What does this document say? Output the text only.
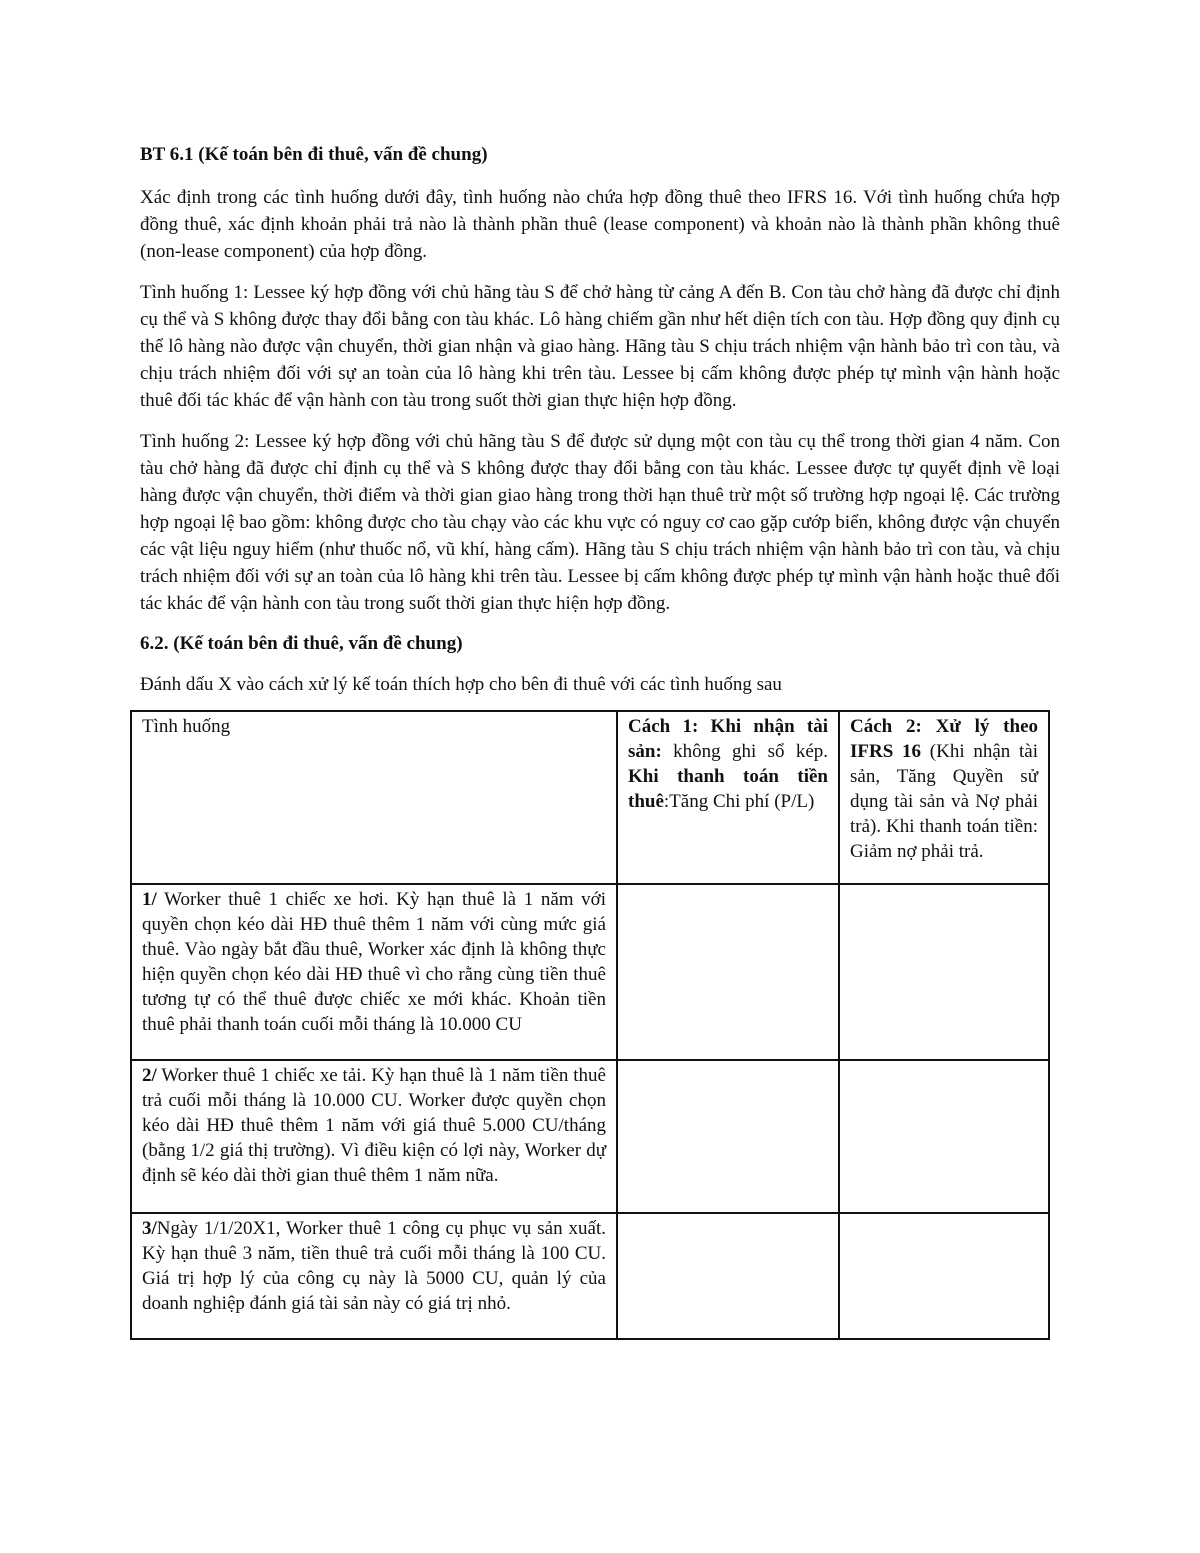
BT 6.1 (Kế toán bên đi thuê, vấn đề chung)

Xác định trong các tình huống dưới đây, tình huống nào chứa hợp đồng thuê theo IFRS 16. Với tình huống chứa hợp đồng thuê, xác định khoản phải trả nào là thành phần thuê (lease component) và khoản nào là thành phần không thuê (non-lease component) của hợp đồng.

Tình huống 1: Lessee ký hợp đồng với chủ hãng tàu S để chở hàng từ cảng A đến B. Con tàu chở hàng đã được chỉ định cụ thể và S không được thay đổi bằng con tàu khác. Lô hàng chiếm gần như hết diện tích con tàu. Hợp đồng quy định cụ thể lô hàng nào được vận chuyển, thời gian nhận và giao hàng. Hãng tàu S chịu trách nhiệm vận hành bảo trì con tàu, và chịu trách nhiệm đối với sự an toàn của lô hàng khi trên tàu. Lessee bị cấm không được phép tự mình vận hành hoặc thuê đối tác khác để vận hành con tàu trong suốt thời gian thực hiện hợp đồng.

Tình huống 2: Lessee ký hợp đồng với chủ hãng tàu S để được sử dụng một con tàu cụ thể trong thời gian 4 năm. Con tàu chở hàng đã được chỉ định cụ thể và S không được thay đổi bằng con tàu khác. Lessee được tự quyết định về loại hàng được vận chuyển, thời điểm và thời gian giao hàng trong thời hạn thuê trừ một số trường hợp ngoại lệ. Các trường hợp ngoại lệ bao gồm: không được cho tàu chạy vào các khu vực có nguy cơ cao gặp cướp biển, không được vận chuyển các vật liệu nguy hiểm (như thuốc nổ, vũ khí, hàng cấm). Hãng tàu S chịu trách nhiệm vận hành bảo trì con tàu, và chịu trách nhiệm đối với sự an toàn của lô hàng khi trên tàu. Lessee bị cấm không được phép tự mình vận hành hoặc thuê đối tác khác để vận hành con tàu trong suốt thời gian thực hiện hợp đồng.

6.2. (Kế toán bên đi thuê, vấn đề chung)

Đánh dấu X vào cách xử lý kế toán thích hợp cho bên đi thuê với các tình huống sau

Tình huống	Cách 1: Khi nhận tài sản: không ghi sổ kép. Khi thanh toán tiền thuê:Tăng Chi phí (P/L)	Cách 2: Xử lý theo IFRS 16 (Khi nhận tài sản, Tăng Quyền sử dụng tài sản và Nợ phải trả). Khi thanh toán tiền: Giảm nợ phải trả.
1/ Worker thuê 1 chiếc xe hơi. Kỳ hạn thuê là 1 năm với quyền chọn kéo dài HĐ thuê thêm 1 năm với cùng mức giá thuê. Vào ngày bắt đầu thuê, Worker xác định là không thực hiện quyền chọn kéo dài HĐ thuê vì cho rằng cùng tiền thuê tương tự có thể thuê được chiếc xe mới khác. Khoản tiền thuê phải thanh toán cuối mỗi tháng là 10.000 CU		
2/ Worker thuê 1 chiếc xe tải. Kỳ hạn thuê là 1 năm tiền thuê trả cuối mỗi tháng là 10.000 CU. Worker được quyền chọn kéo dài HĐ thuê thêm 1 năm với giá thuê 5.000 CU/tháng (bằng 1/2 giá thị trường). Vì điều kiện có lợi này, Worker dự định sẽ kéo dài thời gian thuê thêm 1 năm nữa.		
3/Ngày 1/1/20X1, Worker thuê 1 công cụ phục vụ sản xuất. Kỳ hạn thuê 3 năm, tiền thuê trả cuối mỗi tháng là 100 CU. Giá trị hợp lý của công cụ này là 5000 CU, quản lý của doanh nghiệp đánh giá tài sản này có giá trị nhỏ.		
